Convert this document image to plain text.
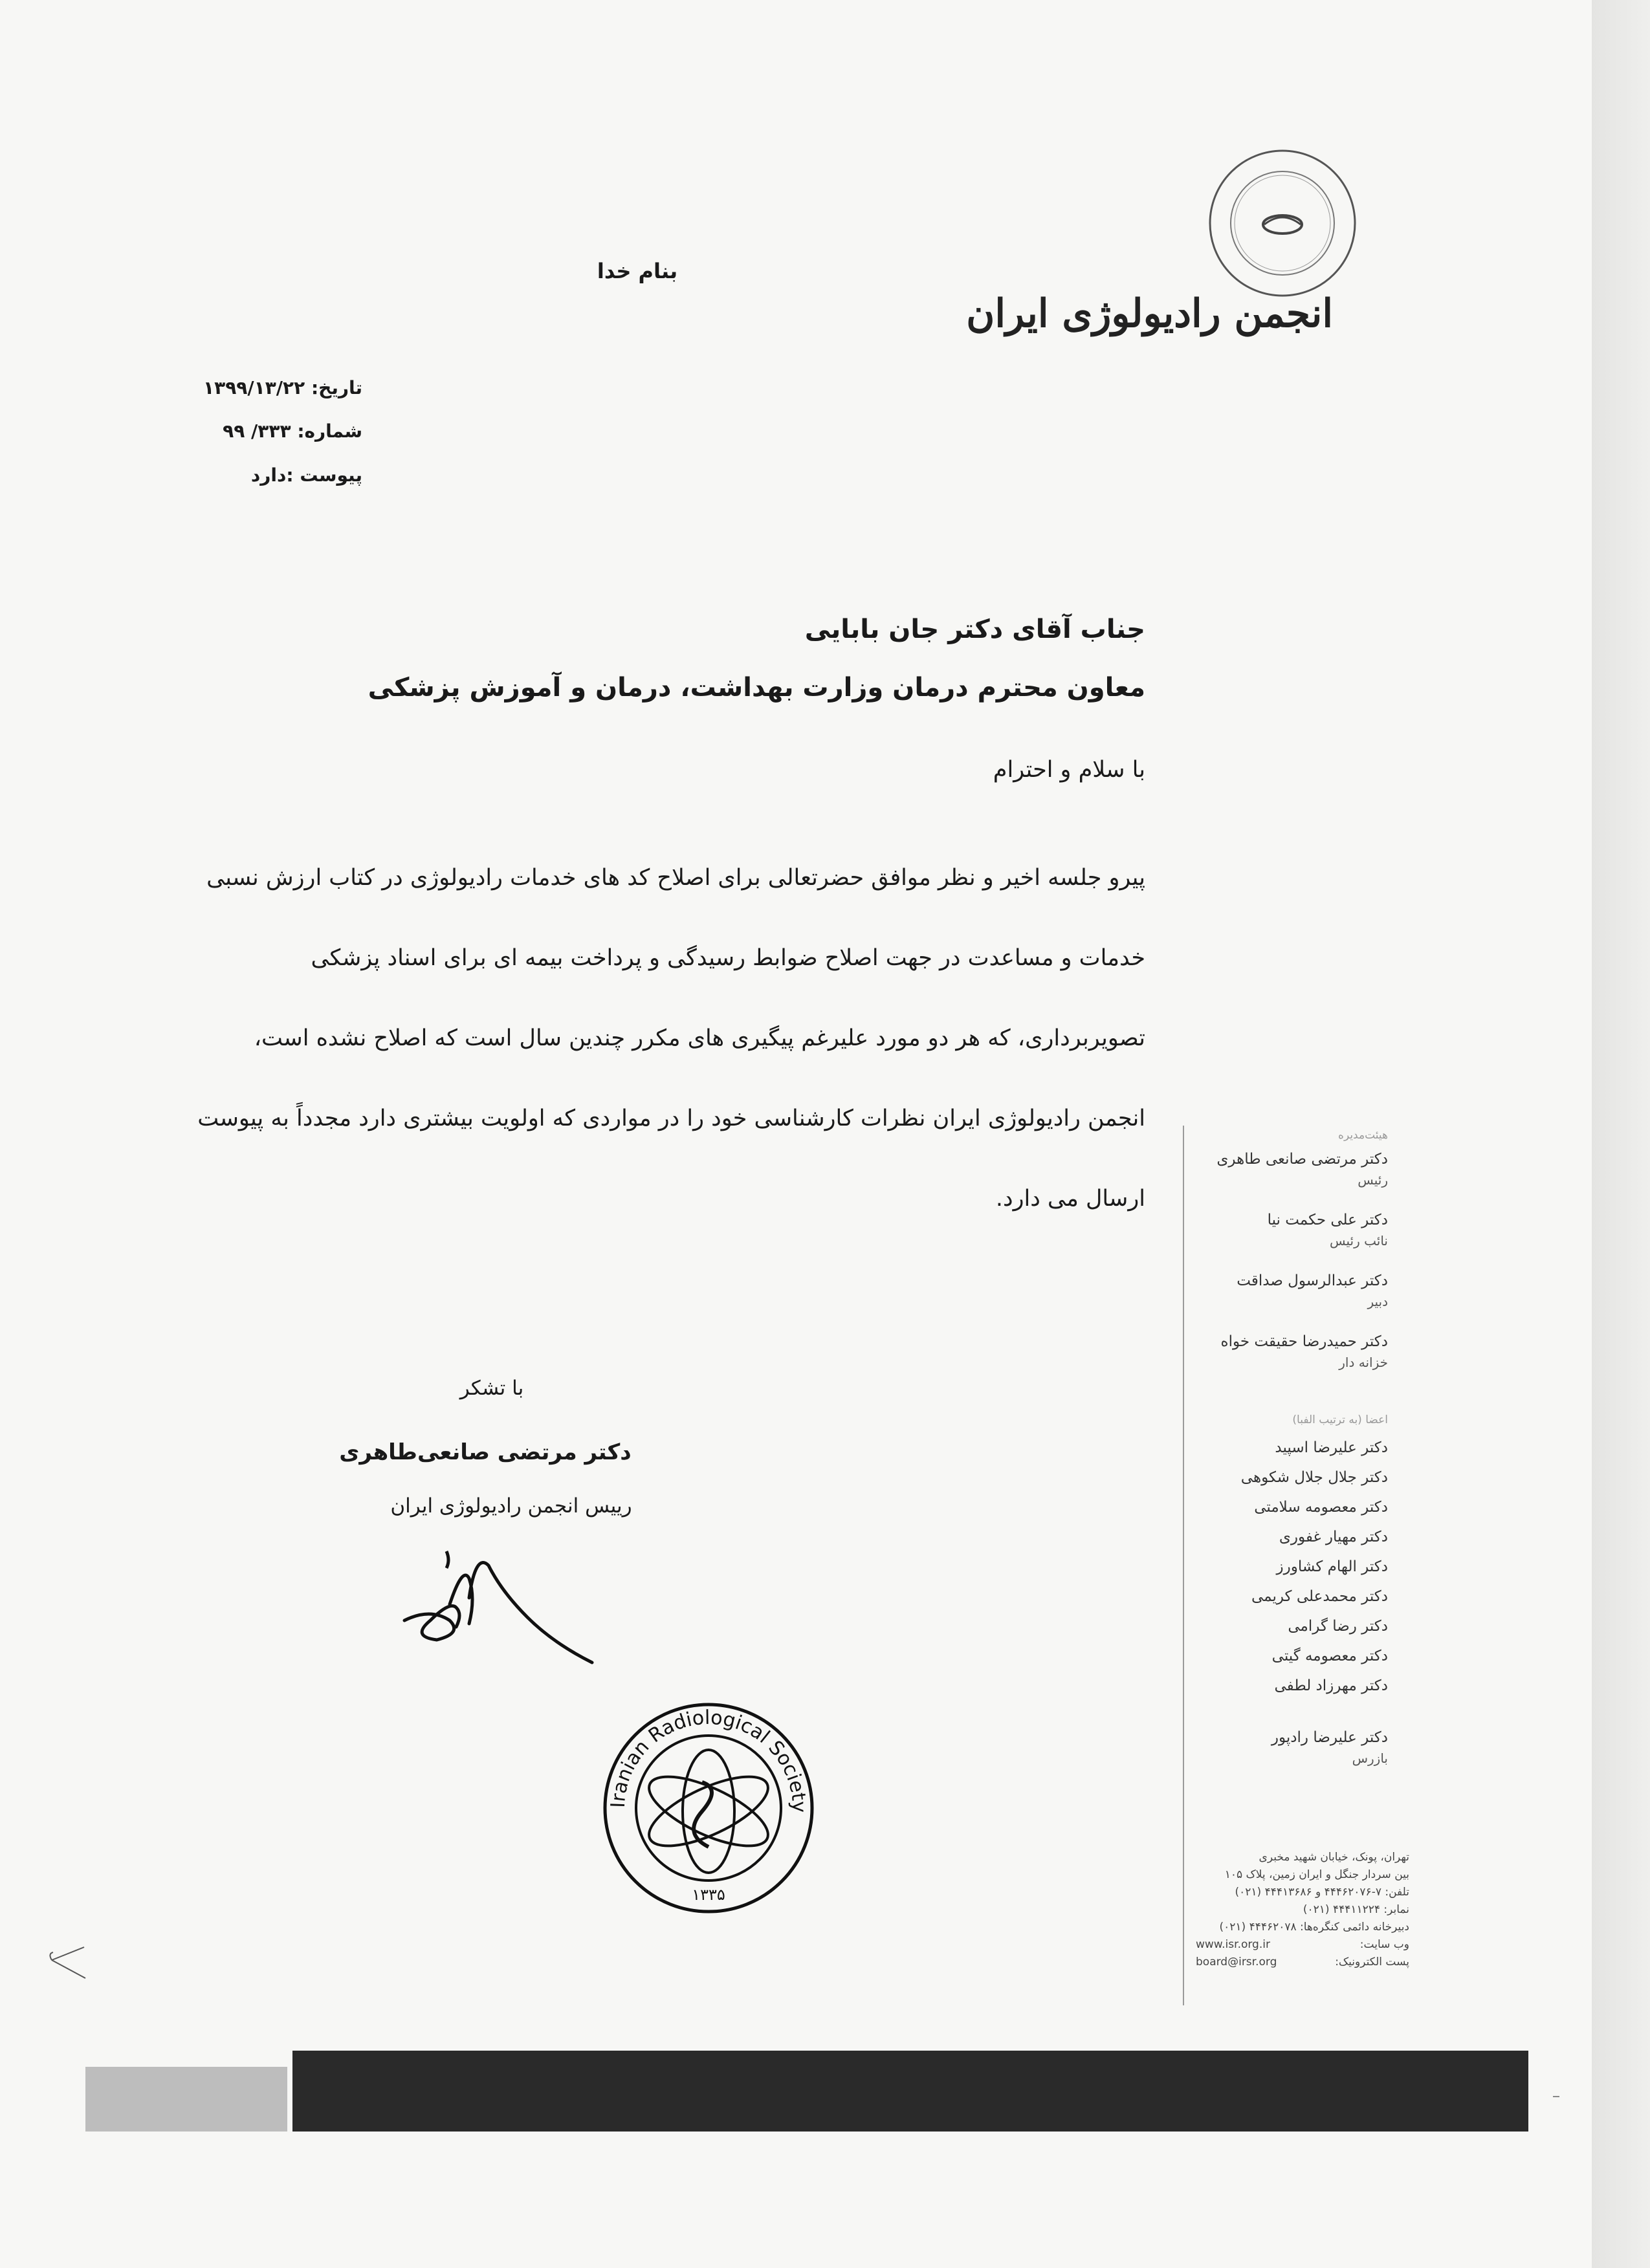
انجمن رادیولوژی ایران
بنام خدا
تاریخ: ۱۳۹۹/۱۳/۲۲
شماره: ۳۳۳/ ۹۹
پیوست :دارد
جناب آقای دکتر جان بابایی
معاون محترم درمان وزارت بهداشت، درمان و آموزش پزشکی
با سلام و احترام

پیرو جلسه اخیر و نظر موافق حضرتعالی برای اصلاح کد های خدمات رادیولوژی در کتاب ارزش نسبی

خدمات و مساعدت در جهت اصلاح ضوابط رسیدگی و پرداخت بیمه ای برای اسناد پزشکی

تصویربرداری، که هر دو مورد علیرغم پیگیری های مکرر چندین سال است که اصلاح نشده است،

انجمن رادیولوژی ایران نظرات کارشناسی خود را در مواردی که اولویت بیشتری دارد مجدداً به پیوست

ارسال می دارد.

با تشکر
دکتر مرتضی صانعی‌طاهری
رییس انجمن رادیولوژی ایران
Iranian Radiological Society
۱۳۳۵
هیئت‌مدیره
دکتر مرتضی صانعی طاهری
رئیس
دکتر علی حکمت نیا
نائب رئیس
دکتر عبدالرسول صداقت
دبیر
دکتر حمیدرضا حقیقت خواه
خزانه دار
اعضا (به ترتیب الفبا)
دکتر علیرضا اسپید
دکتر جلال جلال شکوهی
دکتر معصومه سلامتی
دکتر مهیار غفوری
دکتر الهام کشاورز
دکتر محمدعلی کریمی
دکتر رضا گرامی
دکتر معصومه گیتی
دکتر مهرزاد لطفی
دکتر علیرضا رادپور
بازرس
تهران، پونک، خیابان شهید مخبری
بین سردار جنگل و ایران زمین، پلاک ۱۰۵
تلفن: ۷-۴۴۴۶۲۰۷۶ و ۴۴۴۱۳۶۸۶ (۰۲۱)
نمابر: ۴۴۴۱۱۲۲۴ (۰۲۱)
دبیرخانه دائمی کنگره‌ها: ۴۴۴۶۲۰۷۸ (۰۲۱)
وب سایت:
www.isr.org.ir
پست الکترونیک:
board@irsr.org
